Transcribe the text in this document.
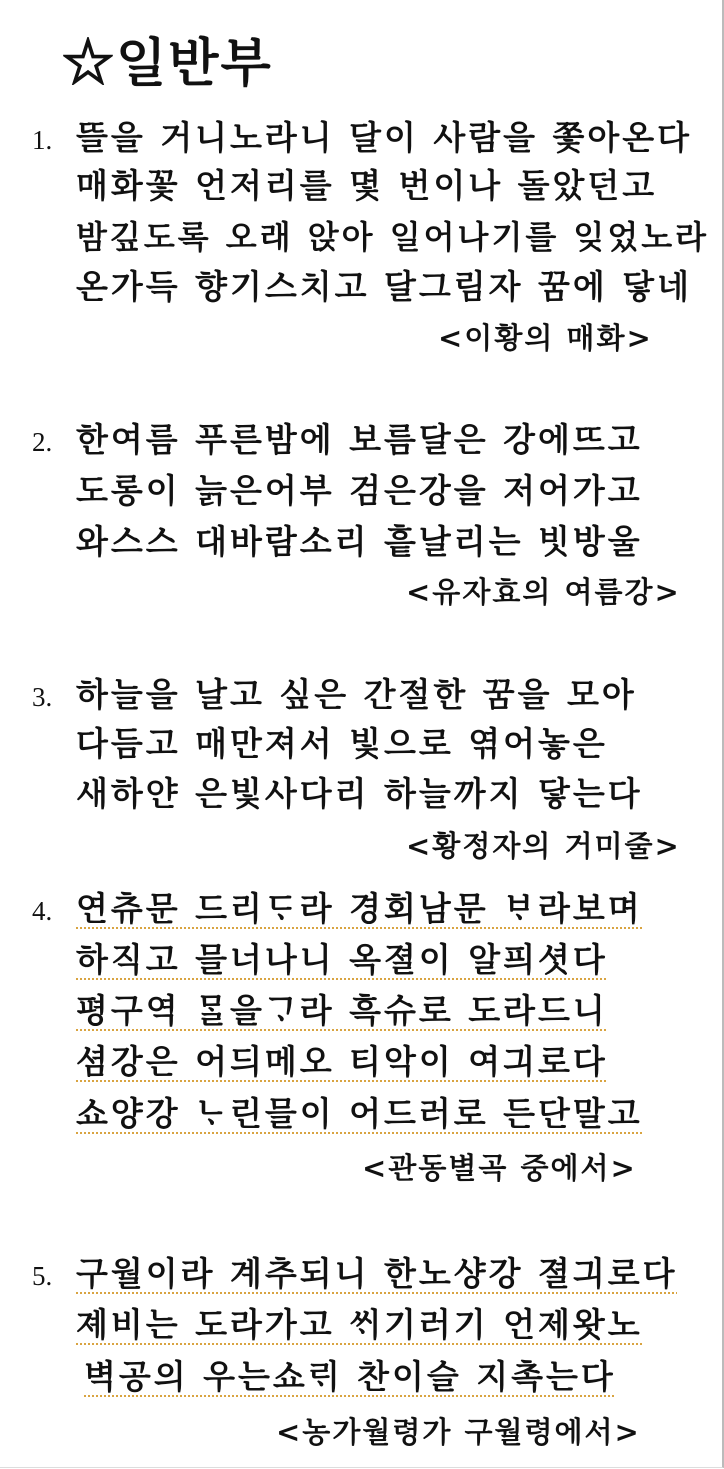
☆일반부
1. 뜰을 거니노라니 달이 사람을 쫓아온다
매화꽃 언저리를 몇 번이나 돌았던고
밤깊도록 오래 앉아 일어나기를 잊었노라
온가득 향기스치고 달그림자 꿈에 닿네
<이황의 매화>
2. 한여름 푸른밤에 보름달은 강에뜨고
도롱이 늙은어부 검은강을 저어가고
와스스 대바람소리 흩날리는 빗방울
<유자효의 여름강>
3. 하늘을 날고 싶은 간절한 꿈을 모아
다듬고 매만져서 빛으로 엮어놓은
새하얀 은빛사다리 하늘까지 닿는다
<황정자의 거미줄>
4. 연츄문 드리ᄃᆞ라 경회남문 ᄇᆞ라보며
하직고 믈너나니 옥졀이 알픠셧다
평구역 ᄆᆞᆯ을ᄀᆞ라 흑슈로 도라드니
셤강은 어듸메오 티악이 여긔로다
쇼양강 ᄂᆞ린믈이 어드러로 든단말고
<관동별곡 중에서>
5. 구월이라 계추되니 한노샹강 졀긔로다
졔비는 도라가고 ᄊᆡ기러기 언제왓노
벽공의 우는쇼ᄅᆡ 찬이슬 지촉는다
<농가월령가 구월령에서>
